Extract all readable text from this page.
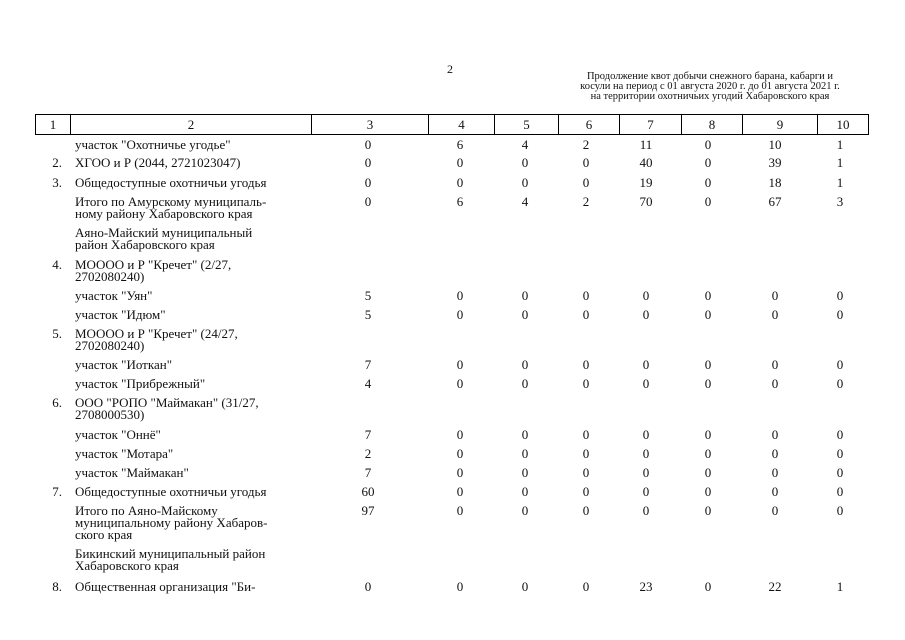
2
Продолжение квот добычи снежного барана, кабарги и
косули на период с 01 августа 2020 г. до 01 августа 2021 г.
на территории охотничьих угодий Хабаровского края
1	2	3	4	5	6	7	8	9	10
участок "Охотничье угодье"	0	6	4	2	11	0	10	1
2. ХГОО и Р (2044, 2721023047)	0	0	0	0	40	0	39	1
3. Общедоступные охотничьи угодья	0	0	0	0	19	0	18	1
Итого по Амурскому муниципаль-
ному району Хабаровского края
0	6	4	2	70	0	67	3
Аяно-Майский муниципальный
район Хабаровского края
4. МОООО и Р "Кречет" (2/27,
2702080240)
участок "Уян"	5	0	0	0	0	0	0	0
участок "Идюм"	5	0	0	0	0	0	0	0
5. МОООО и Р "Кречет" (24/27,
2702080240)
участок "Иоткан"	7	0	0	0	0	0	0	0
участок "Прибрежный"	4	0	0	0	0	0	0	0
6. ООО "РОПО "Маймакан" (31/27,
2708000530)
участок "Оннё"	7	0	0	0	0	0	0	0
участок "Мотара"	2	0	0	0	0	0	0	0
участок "Маймакан"	7	0	0	0	0	0	0	0
7. Общедоступные охотничьи угодья	60	0	0	0	0	0	0	0
Итого по Аяно-Майскому
муниципальному району Хабаров-
ского края
97	0	0	0	0	0	0	0
Бикинский муниципальный район
Хабаровского края
8. Общественная организация "Би-	0	0	0	0	23	0	22	1
